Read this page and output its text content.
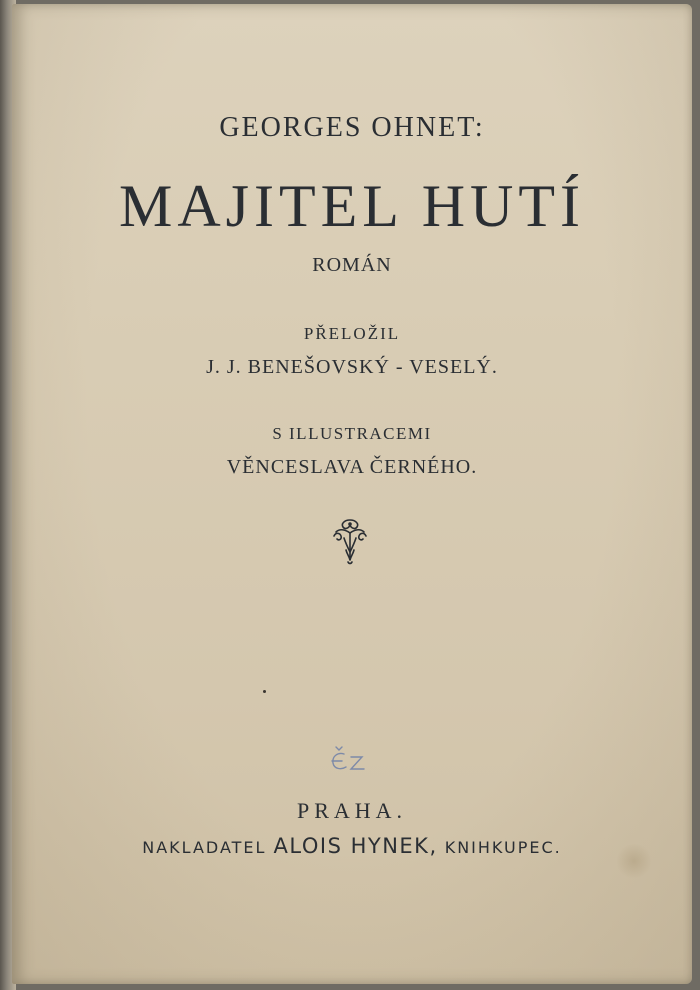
GEORGES OHNET:
MAJITEL HUTÍ
ROMÁN
PŘELOŽIL
J. J. BENEŠOVSKÝ - VESELÝ.
S ILLUSTRACEMI
VĚNCESLAVA ČERNÉHO.
PRAHA.
NAKLADATEL ALOIS HYNEK, KNIHKUPEC.
